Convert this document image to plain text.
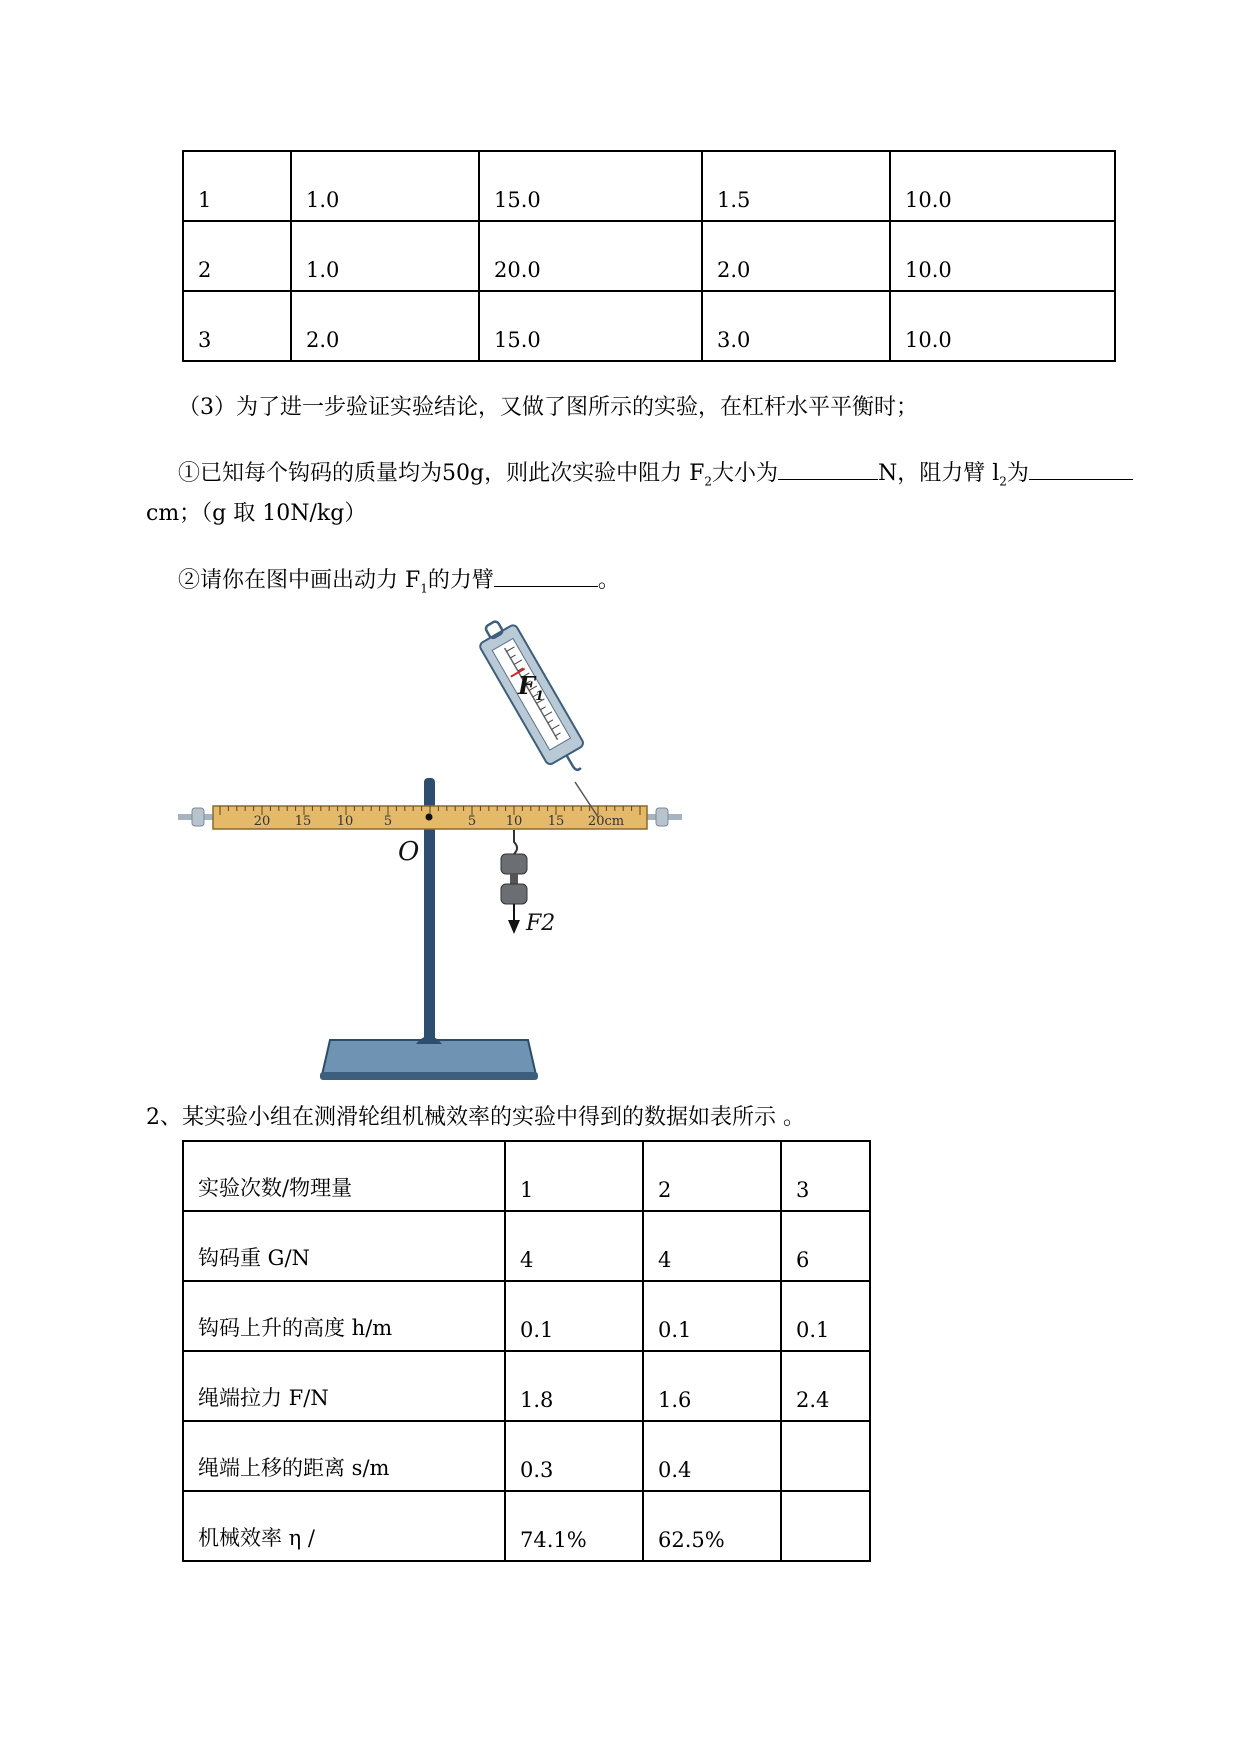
1	1.0	15.0	1.5	10.0
2	1.0	20.0	2.0	10.0
3	2.0	15.0	3.0	10.0
（3）为了进一步验证实验结论，又做了图所示的实验，在杠杆水平平衡时；
①已知每个钩码的质量均为50g，则此次实验中阻力 $F_2$大小为	N，阻力臂 $l_2$为
cm；（g 取 10N/kg）
②请你在图中画出动力 $F_1$的力臂	。
20 15 10 5	5 10 15 20cm
O
$F_1$
F2
2、某实验小组在测滑轮组机械效率的实验中得到的数据如表所示 。
实验次数/物理量	1	2	3
钩码重 G/N	4	4	6
钩码上升的高度 h/m	0.1	0.1	0.1
绳端拉力 F/N	1.8	1.6	2.4
绳端上移的距离 s/m	0.3	0.4	
机械效率 η /	74.1%	62.5%	
